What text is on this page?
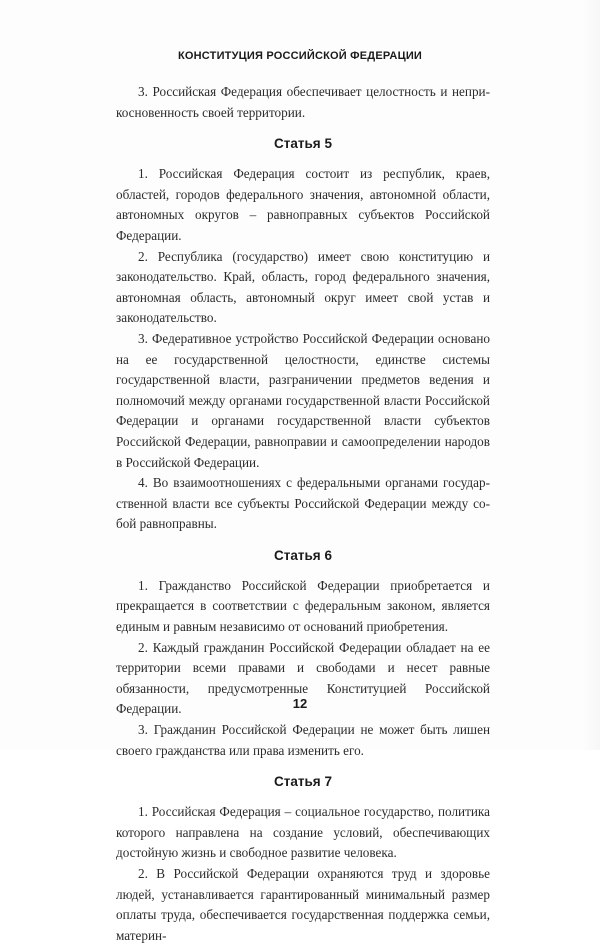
КОНСТИТУЦИЯ РОССИЙСКОЙ ФЕДЕРАЦИИ

3. Российская Федерация обеспечивает целостность и неприкосновенность своей территории.

Статья 5

1. Российская Федерация состоит из республик, краев, областей, городов федерального значения, автономной области, автономных округов – равноправных субъектов Российской Федерации.

2. Республика (государство) имеет свою конституцию и законодательство. Край, область, город федерального значения, автономная область, автономный округ имеет свой устав и законодательство.

3. Федеративное устройство Российской Федерации основано на ее государственной целостности, единстве системы государственной власти, разграничении предметов ведения и полномочий между органами государственной власти Российской Федерации и органами государственной власти субъектов Российской Федерации, равноправии и самоопределении народов в Российской Федерации.

4. Во взаимоотношениях с федеральными органами государственной власти все субъекты Российской Федерации между собой равноправны.

Статья 6

1. Гражданство Российской Федерации приобретается и прекращается в соответствии с федеральным законом, является единым и равным независимо от оснований приобретения.

2. Каждый гражданин Российской Федерации обладает на ее территории всеми правами и свободами и несет равные обязанности, предусмотренные Конституцией Российской Федерации.

3. Гражданин Российской Федерации не может быть лишен своего гражданства или права изменить его.

Статья 7

1. Российская Федерация – социальное государство, политика которого направлена на создание условий, обеспечивающих достойную жизнь и свободное развитие человека.

2. В Российской Федерации охраняются труд и здоровье людей, устанавливается гарантированный минимальный размер оплаты труда, обеспечивается государственная поддержка семьи, материн-

12
